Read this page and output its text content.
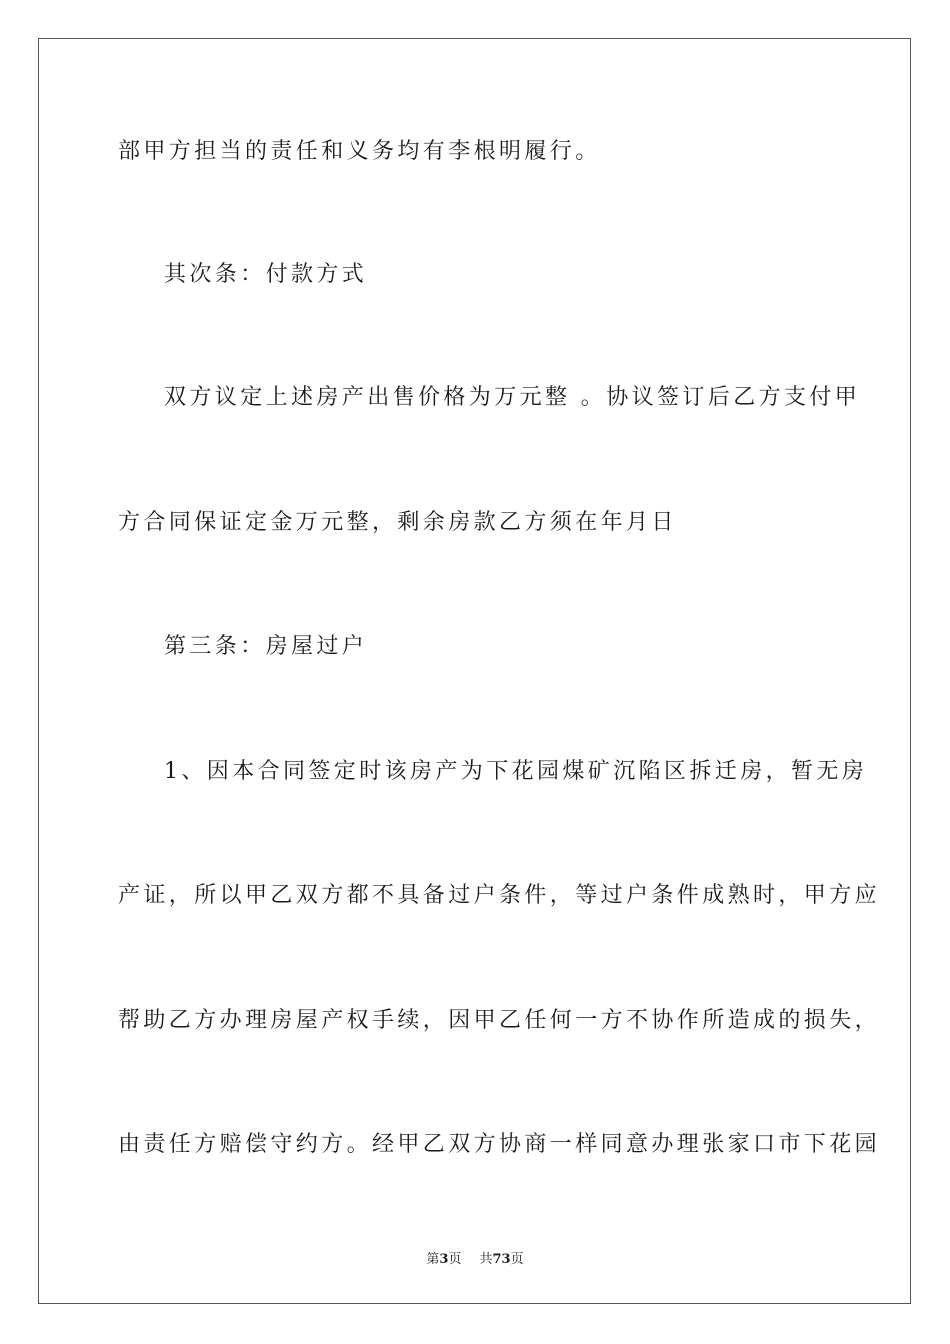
部甲方担当的责任和义务均有李根明履行。
其次条：付款方式
双方议定上述房产出售价格为万元整 。协议签订后乙方支付甲
方合同保证定金万元整，剩余房款乙方须在年月日
第三条：房屋过户
1、因本合同签定时该房产为下花园煤矿沉陷区拆迁房，暂无房
产证，所以甲乙双方都不具备过户条件，等过户条件成熟时，甲方应
帮助乙方办理房屋产权手续，因甲乙任何一方不协作所造成的损失，
由责任方赔偿守约方。经甲乙双方协商一样同意办理张家口市下花园
第3页 共73页
